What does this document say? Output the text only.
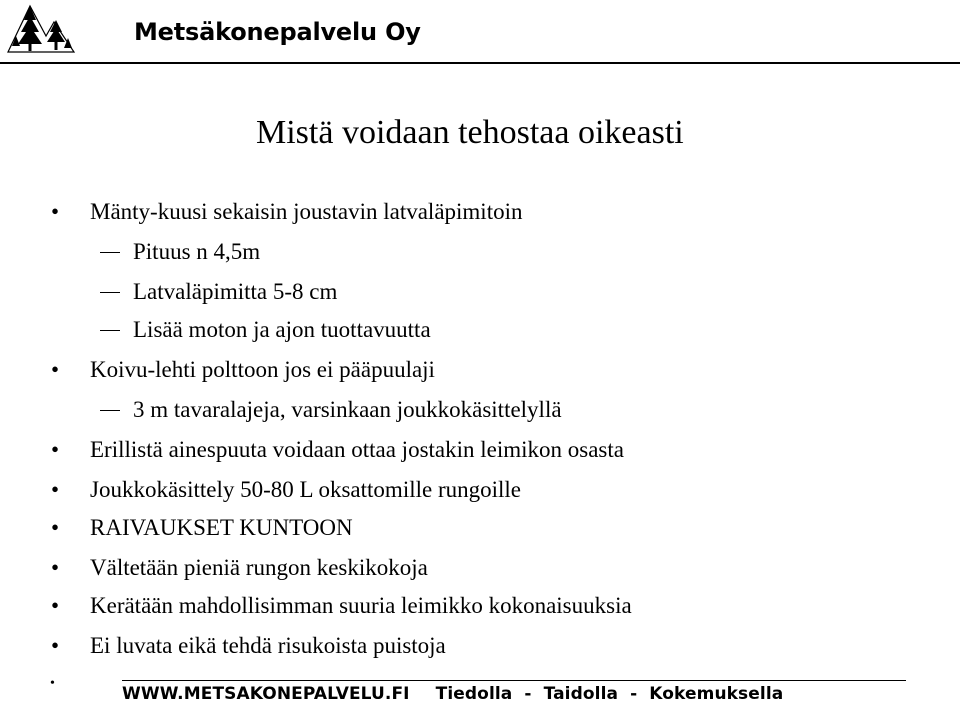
Metsäkonepalvelu Oy
Mistä voidaan tehostaa oikeasti
• Mänty-kuusi sekaisin joustavin latvaläpimitoin
Pituus n 4,5m
Latvaläpimitta 5-8 cm
Lisää moton ja ajon tuottavuutta
• Koivu-lehti polttoon jos ei pääpuulaji
3 m tavaralajeja, varsinkaan joukkokäsittelyllä
• Erillistä ainespuuta voidaan ottaa jostakin leimikon osasta
• Joukkokäsittely 50-80 L oksattomille rungoille
• RAIVAUKSET KUNTOON
• Vältetään pieniä rungon keskikokoja
• Kerätään mahdollisimman suuria leimikko kokonaisuuksia
• Ei luvata eikä tehdä risukoista puistoja
•
WWW.METSAKONEPALVELU.FI Tiedolla  -  Taidolla  -  Kokemuksella
